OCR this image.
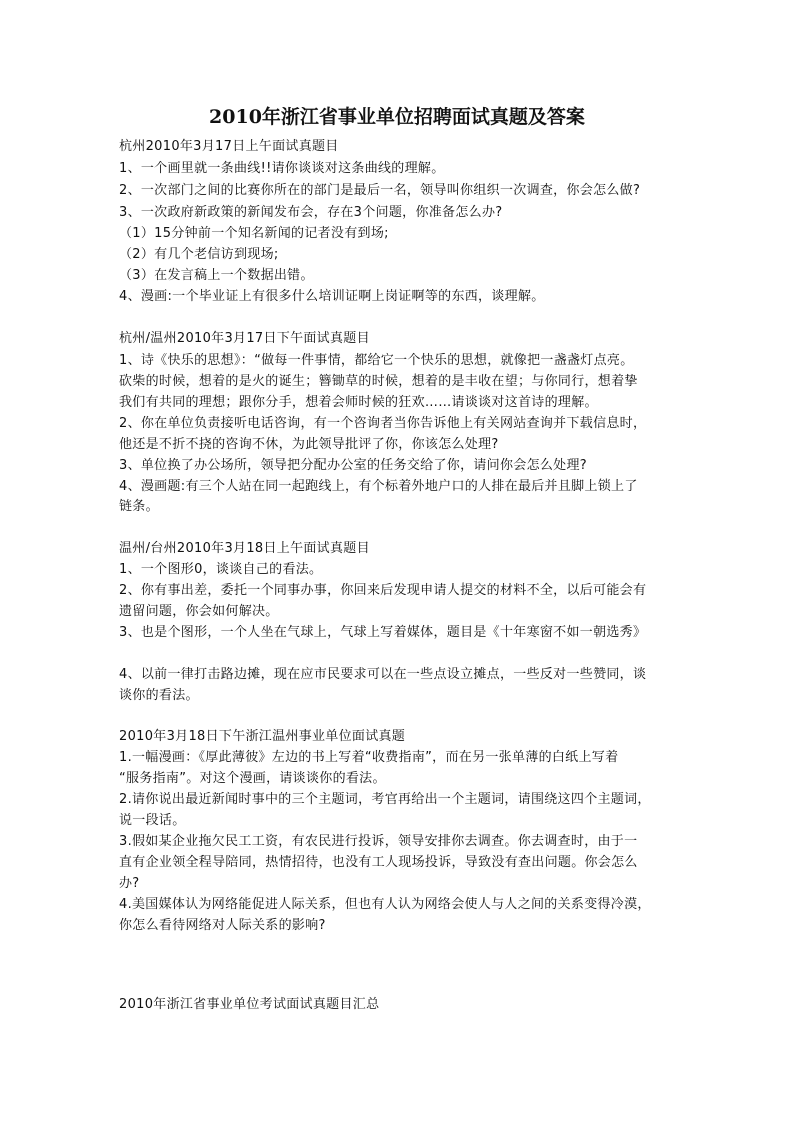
2010年浙江省事业单位招聘面试真题及答案
杭州2010年3月17日上午面试真题目
1、一个画里就一条曲线!!请你谈谈对这条曲线的理解。
2、一次部门之间的比赛你所在的部门是最后一名，领导叫你组织一次调查，你会怎么做?
3、一次政府新政策的新闻发布会，存在3个问题，你准备怎么办?
（1）15分钟前一个知名新闻的记者没有到场;
（2）有几个老信访到现场;
（3）在发言稿上一个数据出错。
4、漫画:一个毕业证上有很多什么培训证啊上岗证啊等的东西，谈理解。
杭州/温州2010年3月17日下午面试真题目
1、诗《快乐的思想》：“做每一件事情，都给它一个快乐的思想，就像把一盏盏灯点亮。
砍柴的时候，想着的是火的诞生；簪锄草的时候，想着的是丰收在望；与你同行，想着挚
我们有共同的理想；跟你分手，想着会师时候的狂欢……请谈谈对这首诗的理解。
2、你在单位负责接听电话咨询，有一个咨询者当你告诉他上有关网站查询并下载信息时，
他还是不折不挠的咨询不休，为此领导批评了你，你该怎么处理?
3、单位换了办公场所，领导把分配办公室的任务交给了你，请问你会怎么处理?
4、漫画题:有三个人站在同一起跑线上，有个标着外地户口的人排在最后并且脚上锁上了
链条。
温州/台州2010年3月18日上午面试真题目
1、一个图形0，谈谈自己的看法。
2、你有事出差，委托一个同事办事，你回来后发现申请人提交的材料不全，以后可能会有
遗留问题，你会如何解决。
3、也是个图形，一个人坐在气球上，气球上写着媒体，题目是《十年寒窗不如一朝选秀》
4、以前一律打击路边摊，现在应市民要求可以在一些点设立摊点，一些反对一些赞同，谈
谈你的看法。
2010年3月18日下午浙江温州事业单位面试真题
1.一幅漫画：《厚此薄彼》左边的书上写着“收费指南”，而在另一张单薄的白纸上写着
“服务指南”。对这个漫画，请谈谈你的看法。
2.请你说出最近新闻时事中的三个主题词，考官再给出一个主题词，请围绕这四个主题词，
说一段话。
3.假如某企业拖欠民工工资，有农民进行投诉，领导安排你去调查。你去调查时，由于一
直有企业领全程导陪同，热情招待，也没有工人现场投诉，导致没有查出问题。你会怎么
办?
4.美国媒体认为网络能促进人际关系，但也有人认为网络会使人与人之间的关系变得冷漠，
你怎么看待网络对人际关系的影响?
2010年浙江省事业单位考试面试真题目汇总
